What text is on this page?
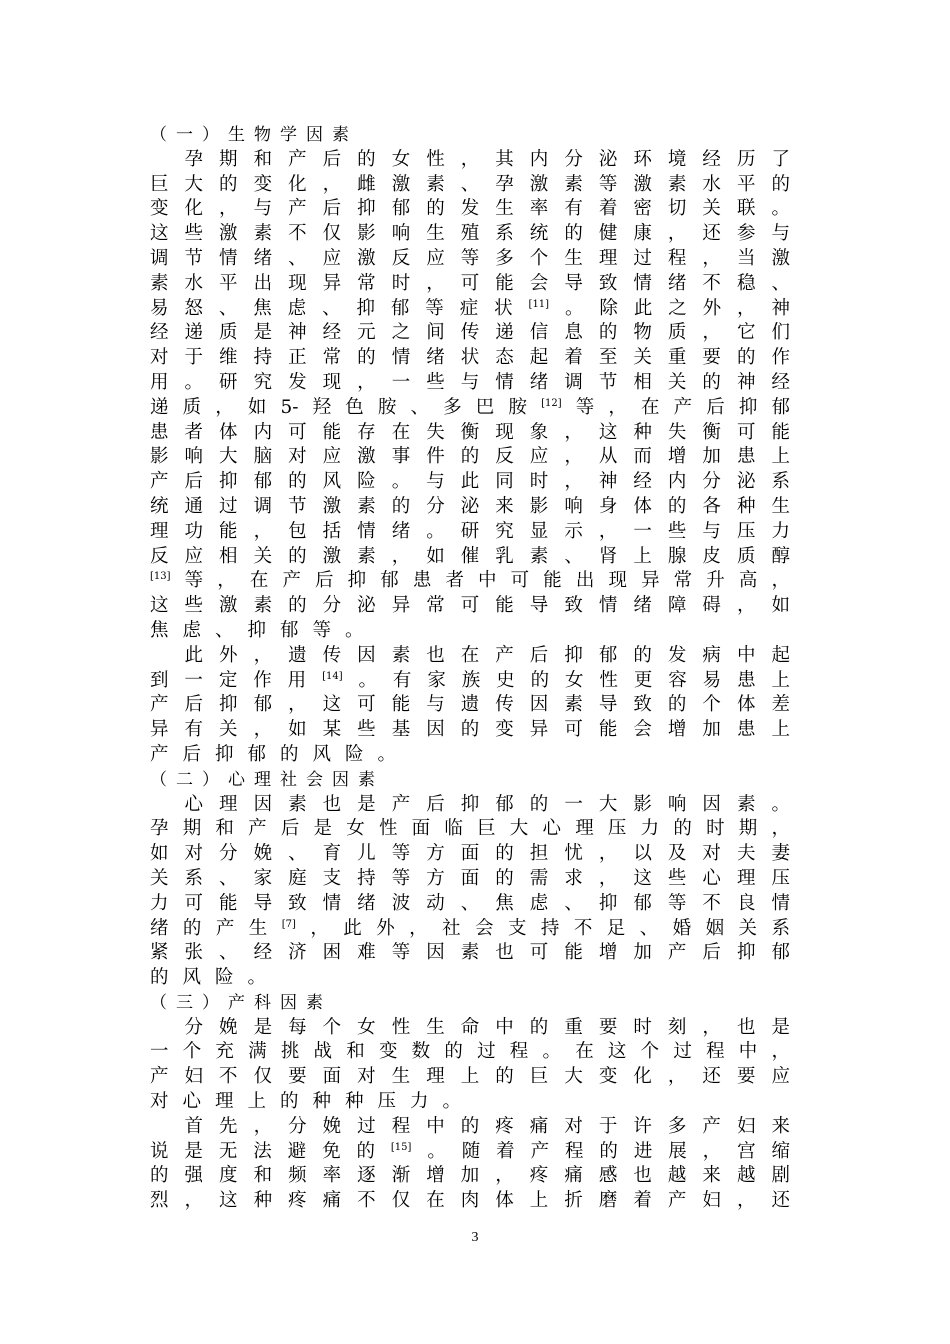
（一）生物学因素
　孕期和产后的女性，其内分泌环境经历了
巨大的变化，雌激素、孕激素等激素水平的
变化，与产后抑郁的发生率有着密切关联。
这些激素不仅影响生殖系统的健康，还参与
调节情绪、应激反应等多个生理过程，当激
素水平出现异常时，可能会导致情绪不稳、
易怒、焦虑、抑郁等症状[11]。除此之外，神
经递质是神经元之间传递信息的物质，它们
对于维持正常的情绪状态起着至关重要的作
用。研究发现，一些与情绪调节相关的神经
递质，如5-羟色胺、多巴胺[12]等，在产后抑郁
患者体内可能存在失衡现象，这种失衡可能
影响大脑对应激事件的反应，从而增加患上
产后抑郁的风险。与此同时，神经内分泌系
统通过调节激素的分泌来影响身体的各种生
理功能，包括情绪。研究显示，一些与压力
反应相关的激素，如催乳素、肾上腺皮质醇
[13]等，在产后抑郁患者中可能出现异常升高，
这些激素的分泌异常可能导致情绪障碍，如
焦虑、抑郁等。
　此外，遗传因素也在产后抑郁的发病中起
到一定作用[14]。有家族史的女性更容易患上
产后抑郁，这可能与遗传因素导致的个体差
异有关，如某些基因的变异可能会增加患上
产后抑郁的风险。
（二）心理社会因素
　心理因素也是产后抑郁的一大影响因素。
孕期和产后是女性面临巨大心理压力的时期，
如对分娩、育儿等方面的担忧，以及对夫妻
关系、家庭支持等方面的需求，这些心理压
力可能导致情绪波动、焦虑、抑郁等不良情
绪的产生[7]，此外，社会支持不足、婚姻关系
紧张、经济困难等因素也可能增加产后抑郁
的风险。
（三）产科因素
　分娩是每个女性生命中的重要时刻，也是
一个充满挑战和变数的过程。在这个过程中，
产妇不仅要面对生理上的巨大变化，还要应
对心理上的种种压力。
　首先，分娩过程中的疼痛对于许多产妇来
说是无法避免的[15]。随着产程的进展，宫缩
的强度和频率逐渐增加，疼痛感也越来越剧
烈，这种疼痛不仅在肉体上折磨着产妇，还
3
